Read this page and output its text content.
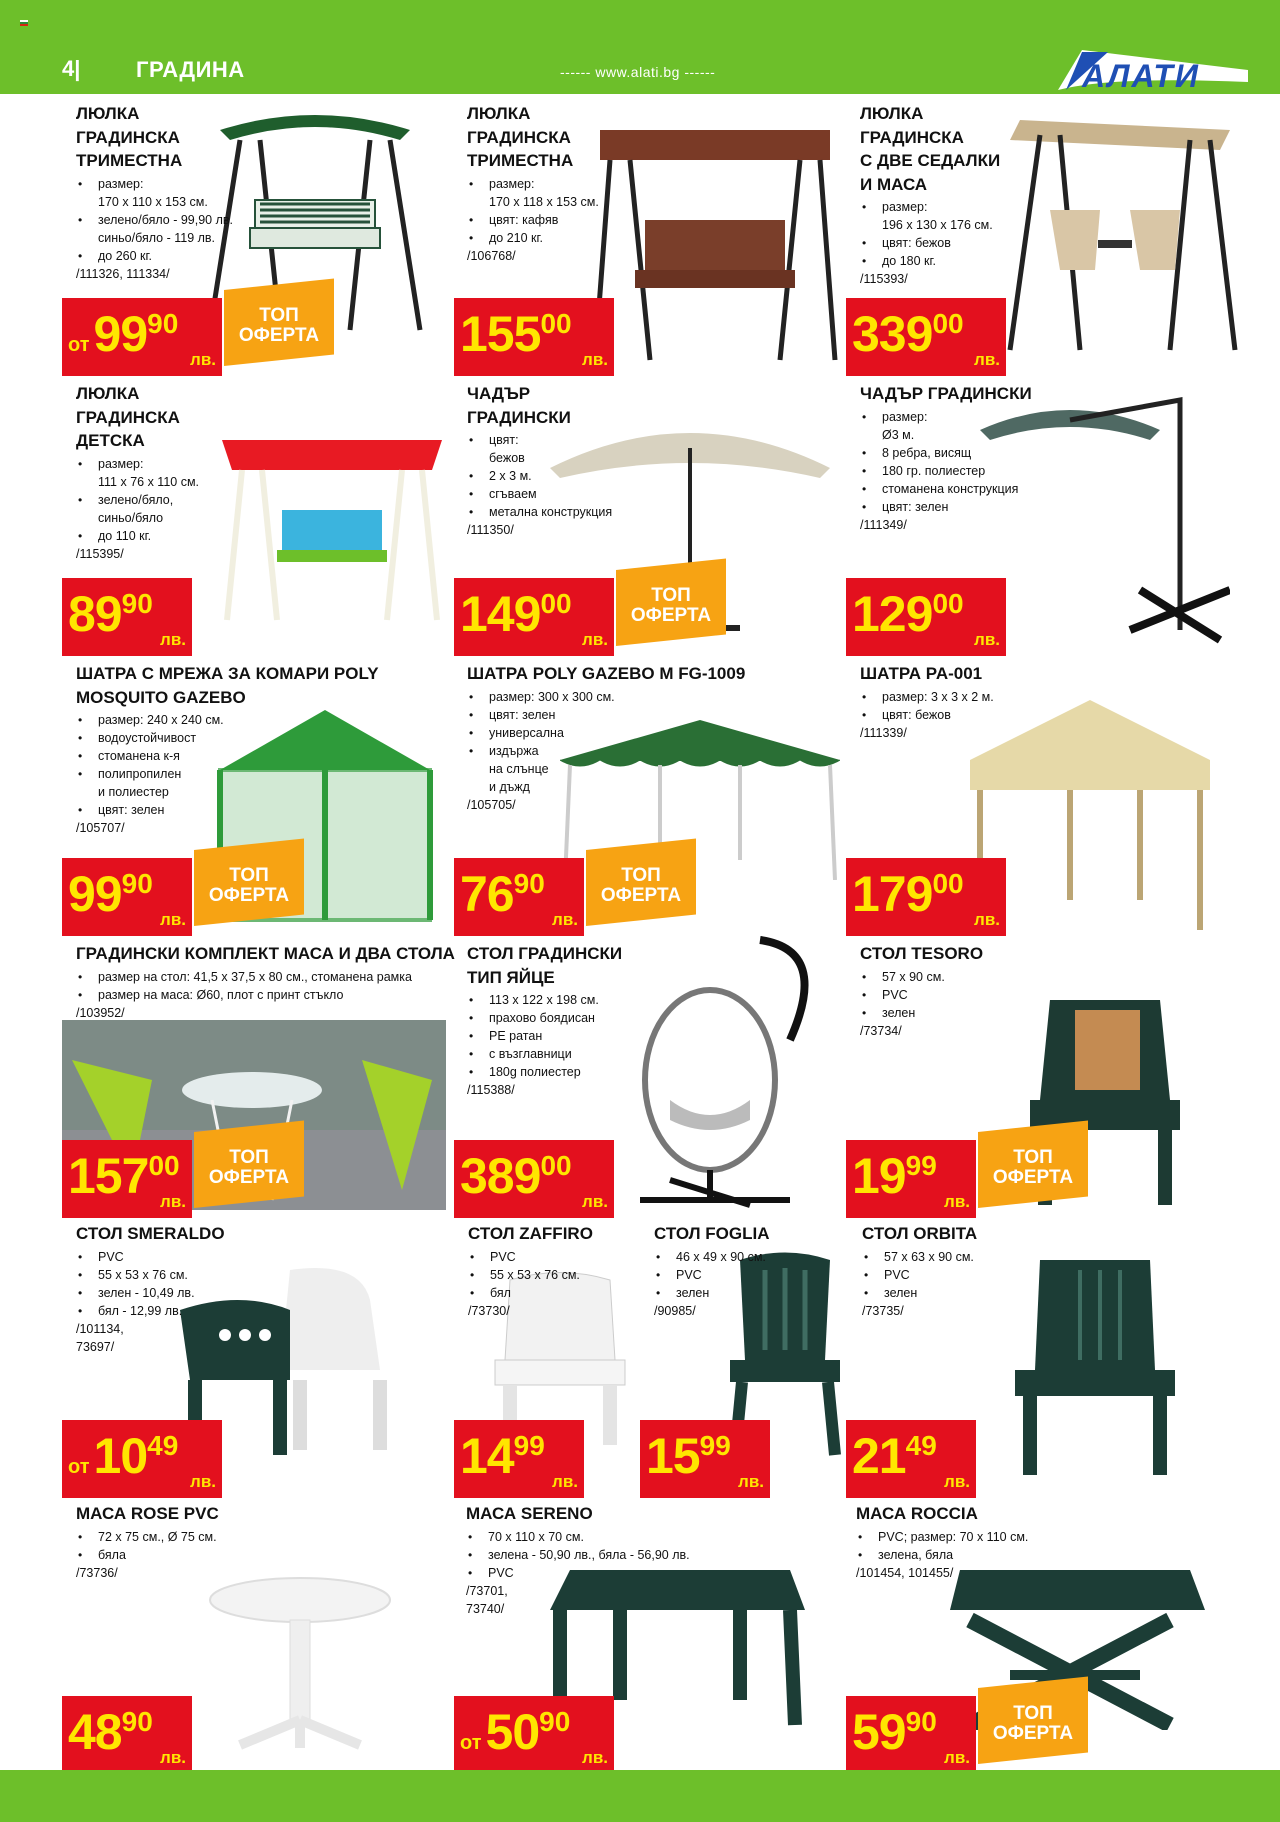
4|	ГРАДИНА	------ www.alati.bg ------	АЛАТИ
ЛЮЛКА
ГРАДИНСКА
ТРИМЕСТНА
• размер:
170 x 110 x 153 см.
• зелено/бяло - 99,90 лв.
синьо/бяло - 119 лв.
• до 260 кг.
/111326, 111334/
от 99 90
лв.
ТОП
ОФЕРТА
ЛЮЛКА
ГРАДИНСКА
ТРИМЕСТНА
• размер:
170 x 118 x 153 см.
• цвят: кафяв
• до 210 кг.
/106768/
155 00
лв.
ЛЮЛКА
ГРАДИНСКА
С ДВЕ СЕДАЛКИ
И МАСА
• размер:
196 x 130 x 176 см.
• цвят: бежов
• до 180 кг.
/115393/
339 00
лв.
ЛЮЛКА
ГРАДИНСКА
ДЕТСКА
• размер:
111 x 76 x 110 см.
• зелено/бяло,
синьо/бяло
• до 110 кг.
/115395/
89 90
лв.
ЧАДЪР
ГРАДИНСКИ
• цвят:
бежов
• 2 x 3 м.
• сгъваем
• метална конструкция
/111350/
149 00
лв.
ТОП
ОФЕРТА
ЧАДЪР ГРАДИНСКИ
• размер:
Ø3 м.
• 8 ребра, висящ
• 180 гр. полиестер
• стоманена конструкция
• цвят: зелен
/111349/
129 00
лв.
ШАТРА С МРЕЖА ЗА КОМАРИ POLY
MOSQUITO GAZEBO
• размер: 240 x 240 см.
• водоустойчивост
• стоманена к-я
• полипропилен
и полиестер
• цвят: зелен
/105707/
99 90
лв.
ТОП
ОФЕРТА
ШАТРА POLY GAZEBO M FG-1009
• размер: 300 x 300 см.
• цвят: зелен
• универсална
• издържа
на слънце
и дъжд
/105705/
76 90
лв.
ТОП
ОФЕРТА
ШАТРА PA-001
• размер: 3 x 3 x 2 м.
• цвят: бежов
/111339/
179 00
лв.
ГРАДИНСКИ КОМПЛЕКТ МАСА И ДВА СТОЛА
• размер на стол: 41,5 x 37,5 x 80 см., стоманена рамка
• размер на маса: Ø60, плот с принт стъкло
/103952/
157 00
лв.
ТОП
ОФЕРТА
СТОЛ ГРАДИНСКИ
ТИП ЯЙЦЕ
• 113 x 122 x 198 см.
• прахово боядисан
• PE ратан
• с възглавници
• 180g полиестер
/115388/
389 00
лв.
СТОЛ TESORO
• 57 x 90 см.
• PVC
• зелен
/73734/
19 99
лв.
ТОП
ОФЕРТА
СТОЛ SMERALDO
• PVC
• 55 x 53 x 76 см.
• зелен - 10,49 лв.
• бял - 12,99 лв.
/101134,
73697/
от 10 49
лв.
СТОЛ ZAFFIRO
• PVC
• 55 x 53 x 76 см.
• бял
/73730/
14 99
лв.
СТОЛ FOGLIA
• 46 x 49 x 90 см.
• PVC
• зелен
/90985/
15 99
лв.
СТОЛ ORBITA
• 57 x 63 x 90 см.
• PVC
• зелен
/73735/
21 49
лв.
МАСА ROSE PVC
• 72 x 75 см., Ø 75 см.
• бяла
/73736/
48 90
лв.
МАСА SERENO
• 70 x 110 x 70 см.
• зелена - 50,90 лв., бяла - 56,90 лв.
• PVC
/73701,
73740/
от 50 90
лв.
МАСА ROCCIA
• PVC; размер: 70 x 110 см.
• зелена, бяла
/101454, 101455/
59 90
лв.
ТОП
ОФЕРТА
